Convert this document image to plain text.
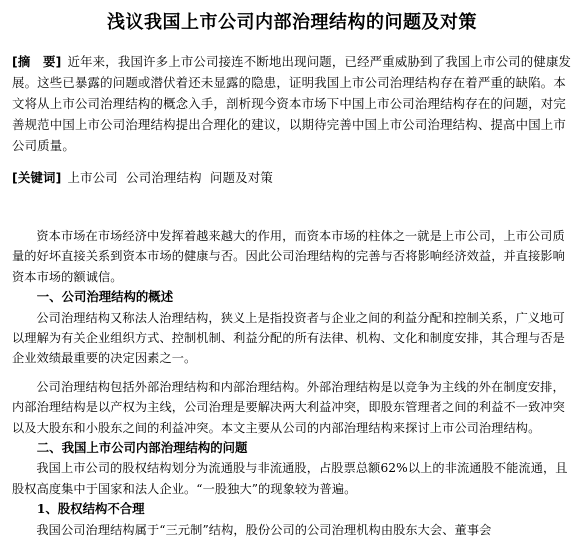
浅议我国上市公司内部治理结构的问题及对策
[摘　要] 近年来，我国许多上市公司接连不断地出现问题，已经严重威胁到了我国上市公司的健康发展。这些已暴露的问题或潜伏着还未显露的隐患，证明我国上市公司治理结构存在着严重的缺陷。本文将从上市公司治理结构的概念入手，剖析现今资本市场下中国上市公司治理结构存在的问题，对完善规范中国上市公司治理结构提出合理化的建议，以期待完善中国上市公司治理结构、提高中国上市公司质量。
[关键词] 上市公司  公司治理结构  问题及对策

资本市场在市场经济中发挥着越来越大的作用，而资本市场的柱体之一就是上市公司，上市公司质量的好坏直接关系到资本市场的健康与否。因此公司治理结构的完善与否将影响经济效益，并直接影响资本市场的额诚信。

一、公司治理结构的概述

公司治理结构又称法人治理结构，狭义上是指投资者与企业之间的利益分配和控制关系，广义地可以理解为有关企业组织方式、控制机制、利益分配的所有法律、机构、文化和制度安排，其合理与否是企业效绩最重要的决定因素之一。

公司治理结构包括外部治理结构和内部治理结构。外部治理结构是以竞争为主线的外在制度安排，内部治理结构是以产权为主线，公司治理是要解决两大利益冲突，即股东管理者之间的利益不一致冲突以及大股东和小股东之间的利益冲突。本文主要从公司的内部治理结构来探讨上市公司治理结构。

二、我国上市公司内部治理结构的问题

我国上市公司的股权结构划分为流通股与非流通股，占股票总额62%以上的非流通股不能流通，且股权高度集中于国家和法人企业。“一股独大”的现象较为普遍。

1、股权结构不合理

我国公司治理结构属于“三元制”结构，股份公司的公司治理机构由股东大会、董事会
